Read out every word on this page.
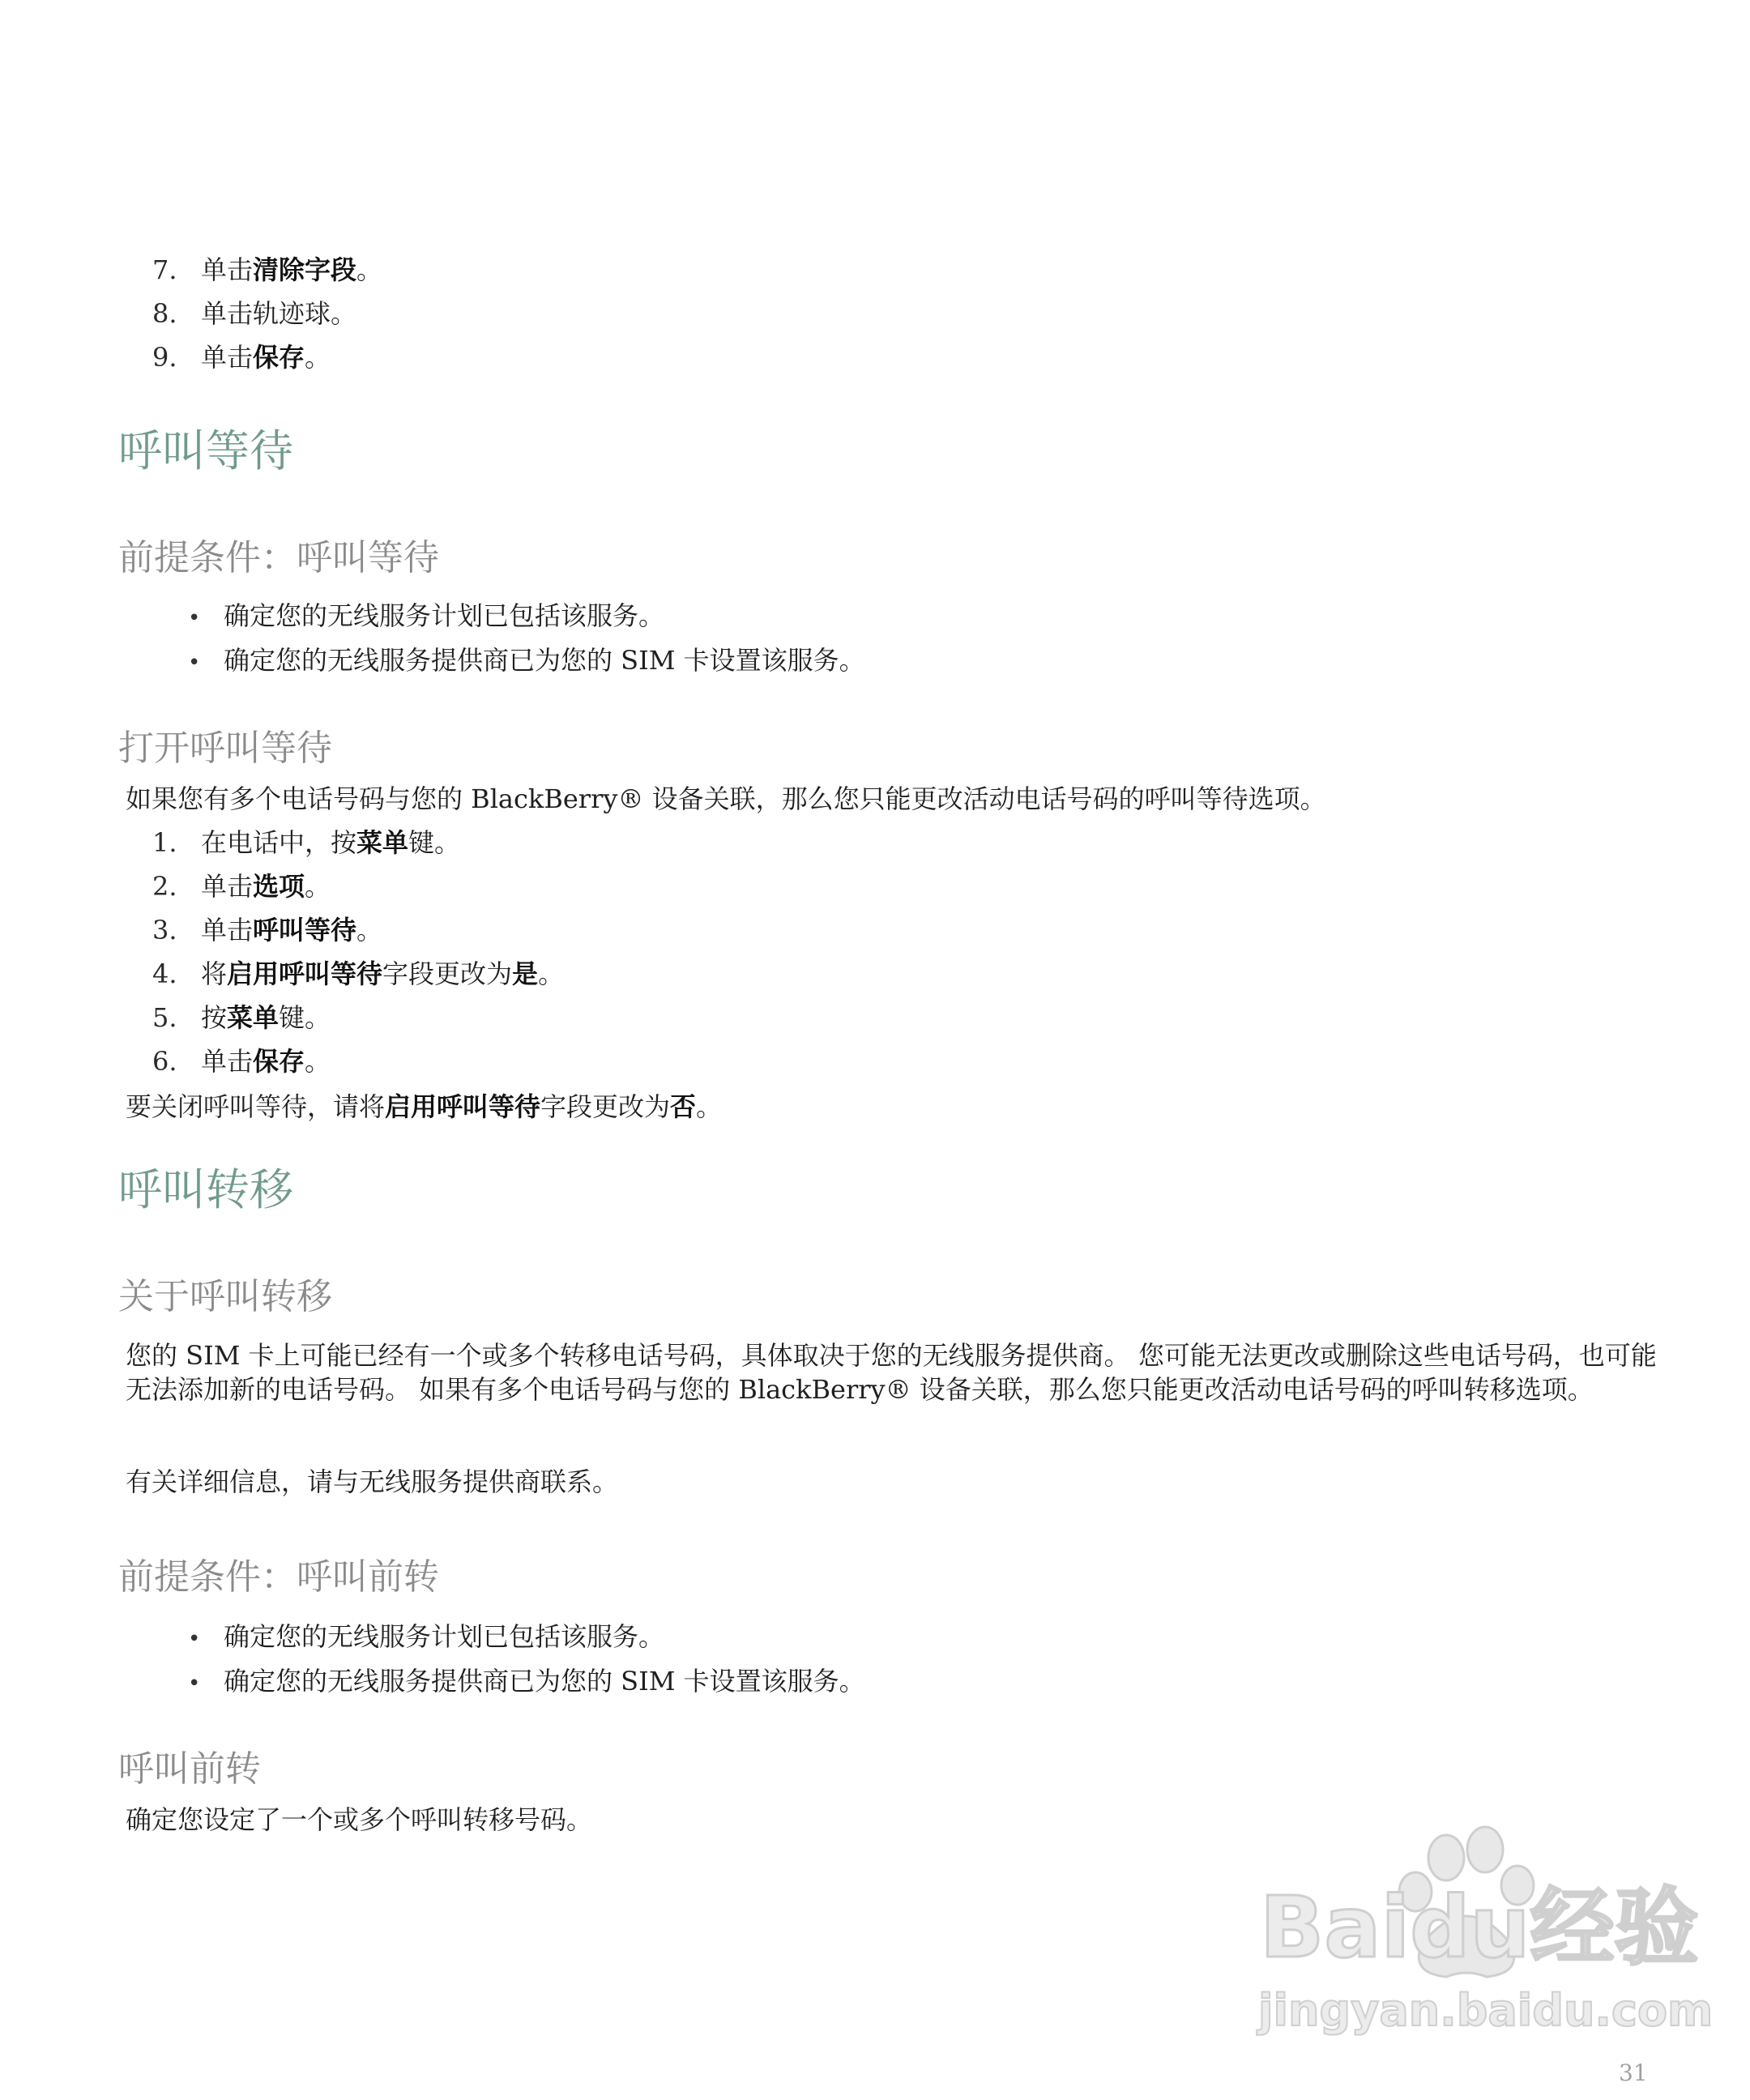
7. 单击清除字段。
8. 单击轨迹球。
9. 单击保存。
呼叫等待
前提条件：呼叫等待
• 确定您的无线服务计划已包括该服务。
• 确定您的无线服务提供商已为您的 SIM 卡设置该服务。
打开呼叫等待
如果您有多个电话号码与您的 BlackBerry® 设备关联，那么您只能更改活动电话号码的呼叫等待选项。
1. 在电话中，按菜单键。
2. 单击选项。
3. 单击呼叫等待。
4. 将启用呼叫等待字段更改为是。
5. 按菜单键。
6. 单击保存。
要关闭呼叫等待，请将启用呼叫等待字段更改为否。
呼叫转移
关于呼叫转移
您的 SIM 卡上可能已经有一个或多个转移电话号码，具体取决于您的无线服务提供商。 您可能无法更改或删除这些电话号码，也可能无法添加新的电话号码。 如果有多个电话号码与您的 BlackBerry® 设备关联，那么您只能更改活动电话号码的呼叫转移选项。
有关详细信息，请与无线服务提供商联系。
前提条件：呼叫前转
• 确定您的无线服务计划已包括该服务。
• 确定您的无线服务提供商已为您的 SIM 卡设置该服务。
呼叫前转
确定您设定了一个或多个呼叫转移号码。
Baidu经验
jingyan.baidu.com
31
